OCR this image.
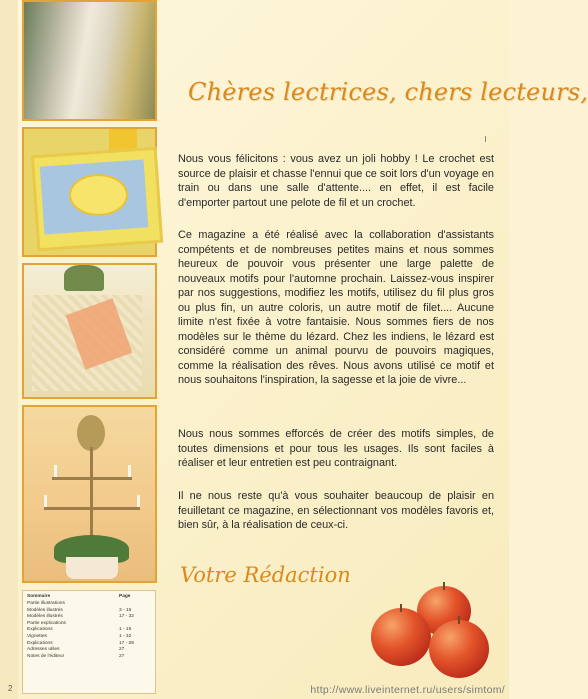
Sommaire	Page
Partie illustrations
Modèles illustrés	3 - 16
Modèles illustrés	17 - 32
Partie explications
Explications	1 - 16
Vignettes	1 - 32
Explications	17 - 28
Adresses utiles	27
Notes de l'éditeur	27
Chères lectrices, chers lecteurs,

Nous vous félicitons : vous avez un joli hobby ! Le crochet est source de plaisir et chasse l'ennui que ce soit lors d'un voyage en train ou dans une salle d'attente.... en effet, il est facile d'emporter partout une pelote de fil et un crochet.

Ce magazine a été réalisé avec la collaboration d'assistants compétents et de nombreuses petites mains et nous sommes heureux de pouvoir vous présenter une large palette de nouveaux motifs pour l'automne prochain. Laissez-vous inspirer par nos suggestions, modifiez les motifs, utilisez du fil plus gros ou plus fin, un autre coloris, un autre motif de filet.... Aucune limite n'est fixée à votre fantaisie. Nous sommes fiers de nos modèles sur le thème du lézard. Chez les indiens, le lézard est considéré comme un animal pourvu de pouvoirs magiques, comme la réalisation des rêves. Nous avons utilisé ce motif et nous souhaitons l'inspiration, la sagesse et la joie de vivre...

Nous nous sommes efforcés de créer des motifs simples, de toutes dimensions et pour tous les usages. Ils sont faciles à réaliser et leur entretien est peu contraignant.

Il ne nous reste qu'à vous souhaiter beaucoup de plaisir en feuilletant ce magazine, en sélectionnant vos modèles favoris et, bien sûr, à la réalisation de ceux-ci.

Votre Rédaction
2	http://www.liveinternet.ru/users/simtom/
